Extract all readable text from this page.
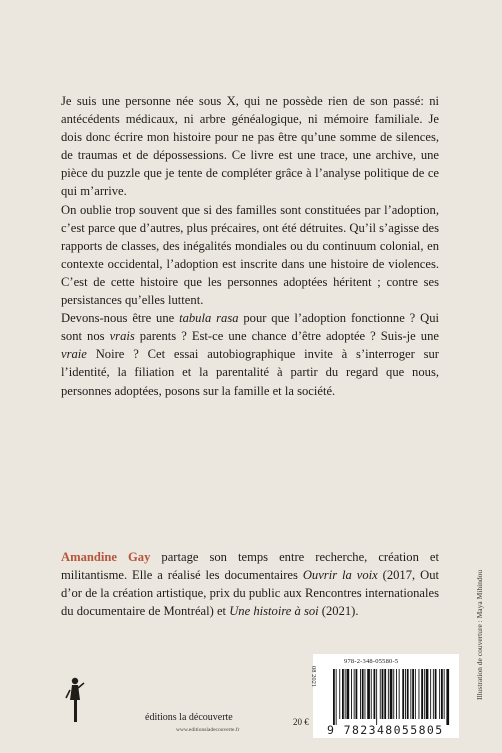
Je suis une personne née sous X, qui ne possède rien de son passé: ni antécédents médicaux, ni arbre généalogique, ni mémoire familiale. Je dois donc écrire mon histoire pour ne pas être qu’une somme de silences, de traumas et de dépossessions. Ce livre est une trace, une archive, une pièce du puzzle que je tente de compléter grâce à l’analyse politique de ce qui m’arrive.

On oublie trop souvent que si des familles sont constituées par l’adoption, c’est parce que d’autres, plus précaires, ont été détruites. Qu’il s’agisse des rapports de classes, des inégalités mondiales ou du continuum colonial, en contexte occidental, l’adoption est inscrite dans une histoire de violences. C’est de cette histoire que les personnes adoptées héritent ; contre ses persistances qu’elles luttent.

Devons-nous être une tabula rasa pour que l’adoption fonctionne ? Qui sont nos vrais parents ? Est-ce une chance d’être adoptée ? Suis-je une vraie Noire ? Cet essai autobiographique invite à s’interroger sur l’identité, la filiation et la parentalité à partir du regard que nous, personnes adoptées, posons sur la famille et la société.

Amandine Gay partage son temps entre recherche, création et militantisme. Elle a réalisé les documentaires Ouvrir la voix (2017, Out d’or de la création artistique, prix du public aux Rencontres internationales du documentaire de Montréal) et Une histoire à soi (2021).	Illustration de couverture : Maya Mihindou
éditions la découverte
www.editionsladecouverte.fr
20 €
978-2-348-05580-5
08 2021
9 782348055805
